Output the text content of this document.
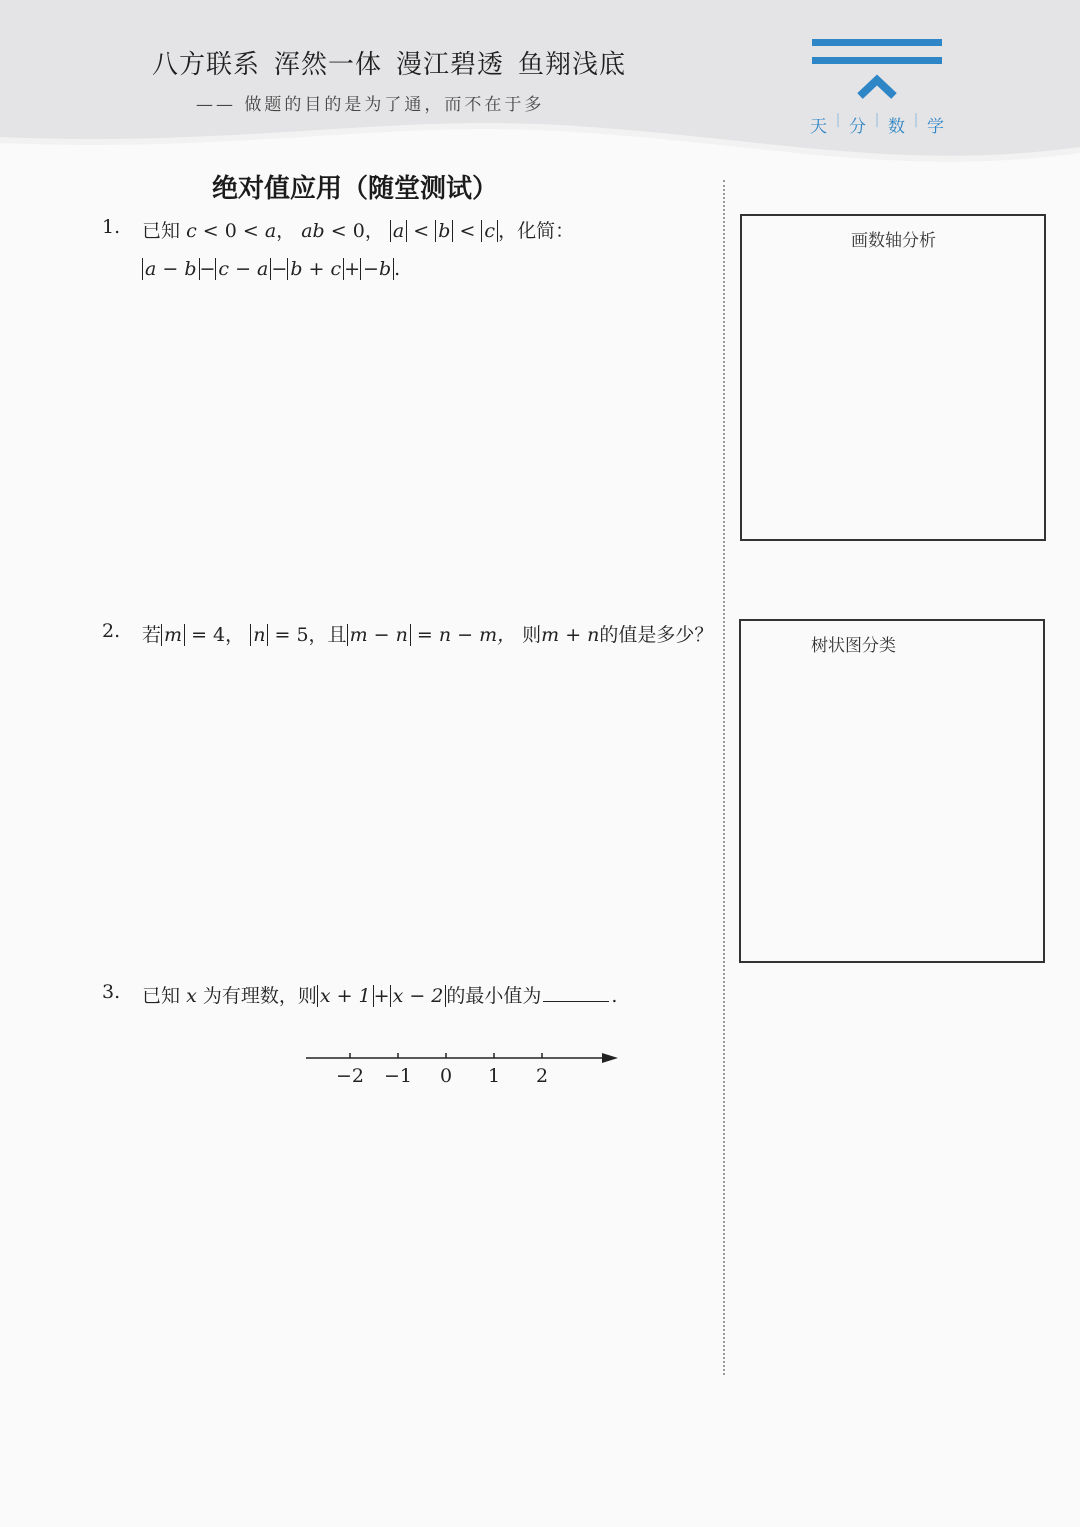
八方联系 浑然一体 漫江碧透 鱼翔浅底
—— 做题的目的是为了通，而不在于多
天 | 分 | 数 | 学
绝对值应用（随堂测试）
1. 已知 c < 0 < a， ab < 0， a < b < c ，化简：
a − b − c − a − b + c + −b .
2. 若 m = 4， n = 5，且 m − n = n − m， 则m + n的值是多少？
3. 已知 x 为有理数，则 x + 1 + x − 2 的最小值为	.
−2 −1 0 1 2
画数轴分析
树状图分类
